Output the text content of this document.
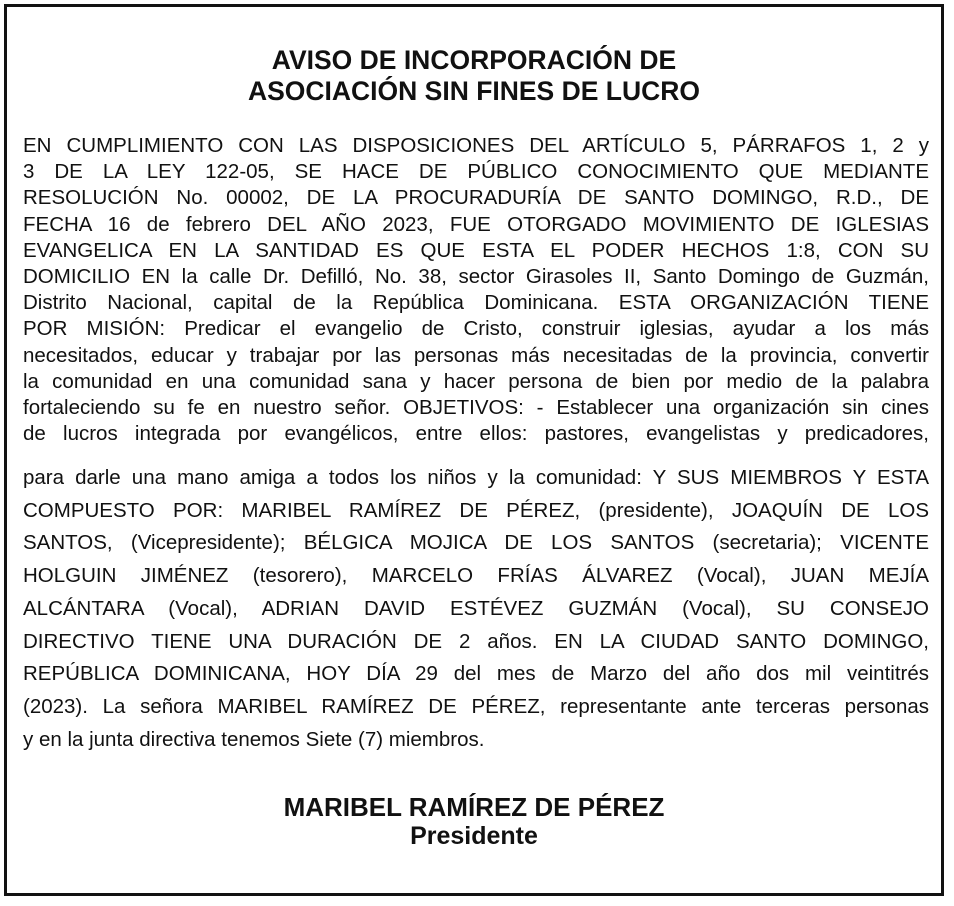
AVISO DE INCORPORACIÓN DE
ASOCIACIÓN SIN FINES DE LUCRO
EN CUMPLIMIENTO CON LAS DISPOSICIONES DEL ARTÍCULO 5, PÁRRAFOS 1, 2 y
3 DE LA LEY 122-05, SE HACE DE PÚBLICO CONOCIMIENTO QUE MEDIANTE
RESOLUCIÓN No. 00002, DE LA PROCURADURÍA DE SANTO DOMINGO, R.D., DE
FECHA 16 de febrero DEL AÑO 2023, FUE OTORGADO MOVIMIENTO DE IGLESIAS
EVANGELICA EN LA SANTIDAD ES QUE ESTA EL PODER HECHOS 1:8, CON SU
DOMICILIO EN la calle Dr. Defilló, No. 38, sector Girasoles II, Santo Domingo de Guzmán,
Distrito Nacional, capital de la República Dominicana. ESTA ORGANIZACIÓN TIENE
POR MISIÓN: Predicar el evangelio de Cristo, construir iglesias, ayudar a los más
necesitados, educar y trabajar por las personas más necesitadas de la provincia, convertir
la comunidad en una comunidad sana y hacer persona de bien por medio de la palabra
fortaleciendo su fe en nuestro señor. OBJETIVOS: - Establecer una organización sin cines
de lucros integrada por evangélicos, entre ellos: pastores, evangelistas y predicadores,
para darle una mano amiga a todos los niños y la comunidad: Y SUS MIEMBROS Y ESTA
COMPUESTO POR: MARIBEL RAMÍREZ DE PÉREZ, (presidente), JOAQUÍN DE LOS
SANTOS, (Vicepresidente); BÉLGICA MOJICA DE LOS SANTOS (secretaria); VICENTE
HOLGUIN JIMÉNEZ (tesorero), MARCELO FRÍAS ÁLVAREZ (Vocal), JUAN MEJÍA
ALCÁNTARA (Vocal), ADRIAN DAVID ESTÉVEZ GUZMÁN (Vocal), SU CONSEJO
DIRECTIVO TIENE UNA DURACIÓN DE 2 años. EN LA CIUDAD SANTO DOMINGO,
REPÚBLICA DOMINICANA, HOY DÍA 29 del mes de Marzo del año dos mil veintitrés
(2023). La señora MARIBEL RAMÍREZ DE PÉREZ, representante ante terceras personas
y en la junta directiva tenemos Siete (7) miembros.
MARIBEL RAMÍREZ DE PÉREZ
Presidente
